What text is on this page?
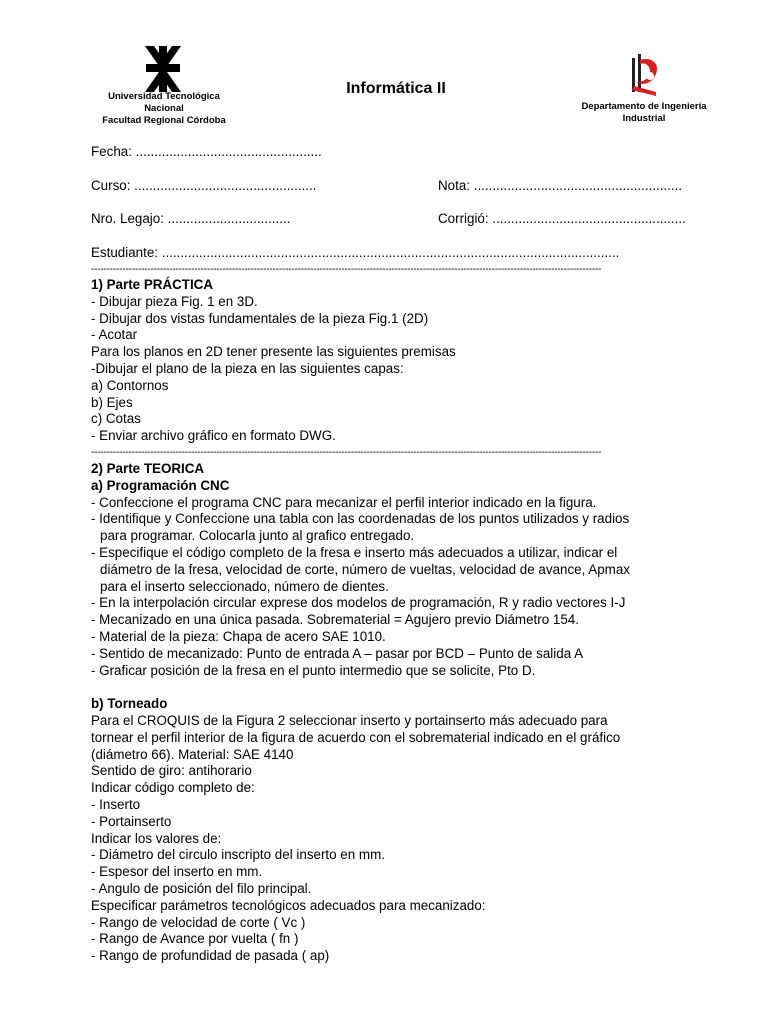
Universidad Tecnológica
Nacional
Facultad Regional Córdoba
Informática II
Departamento de Ingeniería
Industrial
Fecha: ..................................................
Curso: .................................................	Nota: ........................................................
Nro. Legajo: .................................	Corrigió: ....................................................
Estudiante: ...........................................................................................................................
-------------------------------------------------------------------------------------------------------------------------------------------------------------------
1) Parte PRÁCTICA
- Dibujar pieza Fig. 1 en 3D.
- Dibujar dos vistas fundamentales de la pieza Fig.1 (2D)
- Acotar
Para los planos en 2D tener presente las siguientes premisas
-Dibujar el plano de la pieza en las siguientes capas:
a) Contornos
b) Ejes
c) Cotas
- Enviar archivo gráfico en formato DWG.
-------------------------------------------------------------------------------------------------------------------------------------------------------------------
2) Parte TEORICA
a) Programación CNC
- Confeccione el programa CNC para mecanizar el perfil interior indicado en la figura.
- Identifique y Confeccione una tabla con las coordenadas de los puntos utilizados y radios
para programar. Colocarla junto al grafico entregado.
- Especifique el código completo de la fresa e inserto más adecuados a utilizar, indicar el
diámetro de la fresa, velocidad de corte, número de vueltas, velocidad de avance, Apmax
para el inserto seleccionado, número de dientes.
- En la interpolación circular exprese dos modelos de programación, R y radio vectores I-J
- Mecanizado en una única pasada. Sobrematerial = Agujero previo Diámetro 154.
- Material de la pieza: Chapa de acero SAE 1010.
- Sentido de mecanizado: Punto de entrada A – pasar por BCD – Punto de salida A
- Graficar posición de la fresa en el punto intermedio que se solicite, Pto D.
b) Torneado
Para el CROQUIS de la Figura 2 seleccionar inserto y portainserto más adecuado para
tornear el perfil interior de la figura de acuerdo con el sobrematerial indicado en el gráfico
(diámetro 66). Material: SAE 4140
Sentido de giro: antihorario
Indicar código completo de:
- Inserto
- Portainserto
Indicar los valores de:
- Diámetro del circulo inscripto del inserto en mm.
- Espesor del inserto en mm.
- Angulo de posición del filo principal.
Especificar parámetros tecnológicos adecuados para mecanizado:
- Rango de velocidad de corte ( Vc )
- Rango de Avance por vuelta ( fn )
- Rango de profundidad de pasada ( ap)
